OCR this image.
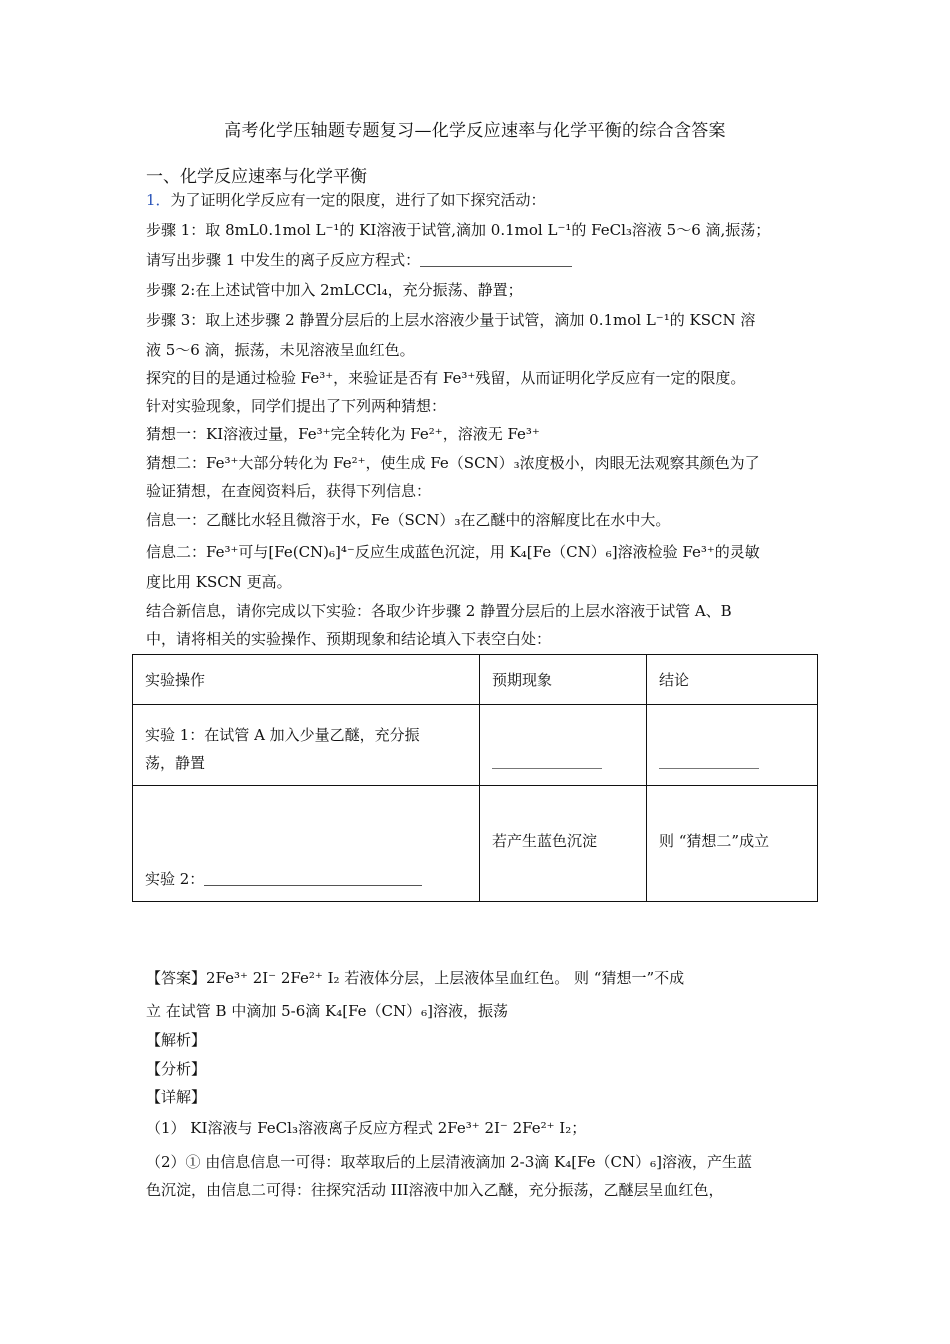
高考化学压轴题专题复习—化学反应速率与化学平衡的综合含答案
一、化学反应速率与化学平衡
1．为了证明化学反应有一定的限度，进行了如下探究活动：
步骤 1：取 8mL0.1mol L⁻¹的 KI溶液于试管,滴加 0.1mol L⁻¹的 FeCl₃溶液 5～6 滴,振荡；
请写出步骤 1 中发生的离子反应方程式：
步骤 2:在上述试管中加入 2mLCCl₄，充分振荡、静置；
步骤 3：取上述步骤 2 静置分层后的上层水溶液少量于试管，滴加 0.1mol L⁻¹的 KSCN 溶
液 5～6 滴，振荡，未见溶液呈血红色。
探究的目的是通过检验 Fe³⁺，来验证是否有 Fe³⁺残留，从而证明化学反应有一定的限度。
针对实验现象，同学们提出了下列两种猜想：
猜想一：KI溶液过量，Fe³⁺完全转化为 Fe²⁺，溶液无 Fe³⁺
猜想二：Fe³⁺大部分转化为 Fe²⁺，使生成 Fe（SCN）₃浓度极小，肉眼无法观察其颜色为了
验证猜想，在查阅资料后，获得下列信息：
信息一：乙醚比水轻且微溶于水，Fe（SCN）₃在乙醚中的溶解度比在水中大。
信息二：Fe³⁺可与[Fe(CN)₆]⁴⁻反应生成蓝色沉淀，用 K₄[Fe（CN）₆]溶液检验 Fe³⁺的灵敏
度比用 KSCN 更高。
结合新信息，请你完成以下实验：各取少许步骤 2 静置分层后的上层水溶液于试管 A、B
中，请将相关的实验操作、预期现象和结论填入下表空白处：
实验操作	预期现象	结论

实验 1：在试管 A 加入少量乙醚，充分振
荡，静置		

实验 2：	若产生蓝色沉淀	则 “猜想二”成立
【答案】2Fe³⁺ 2I⁻ 2Fe²⁺ I₂ 若液体分层，上层液体呈血红色。 则 “猜想一”不成
立 在试管 B 中滴加 5-6滴 K₄[Fe（CN）₆]溶液，振荡
【解析】
【分析】
【详解】
（1） KI溶液与 FeCl₃溶液离子反应方程式 2Fe³⁺ 2I⁻ 2Fe²⁺ I₂；
（2）① 由信息信息一可得：取萃取后的上层清液滴加 2-3滴 K₄[Fe（CN）₆]溶液，产生蓝
色沉淀，由信息二可得：往探究活动 III溶液中加入乙醚，充分振荡，乙醚层呈血红色，
